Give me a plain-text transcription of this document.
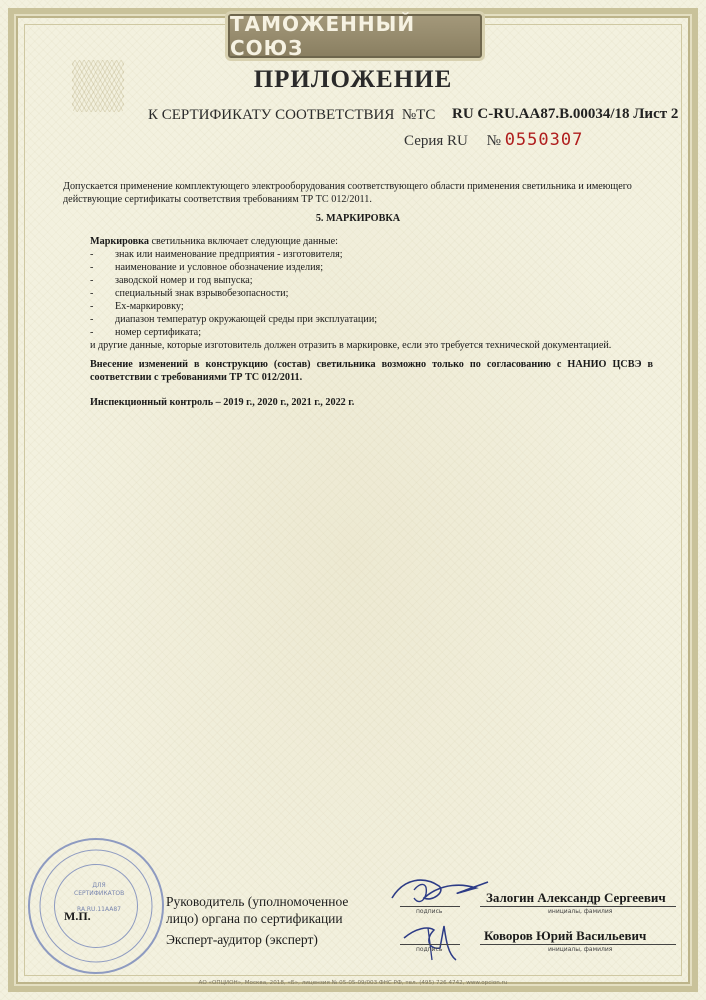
ТАМОЖЕННЫЙ СОЮЗ
ПРИЛОЖЕНИЕ
К СЕРТИФИКАТУ СООТВЕТСТВИЯ №ТС RU C-RU.AA87.B.00034/18 Лист 2
Серия RU № 0550307

Допускается применение комплектующего электрооборудования соответствующего области применения светильника и имеющего действующие сертификаты соответствия требованиям ТР ТС 012/2011.

5. МАРКИРОВКА

Маркировка светильника включает следующие данные:

-	знак или наименование предприятия - изготовителя;
-	наименование и условное обозначение изделия;
-	заводской номер и год выпуска;
-	специальный знак взрывобезопасности;
-	Ex-маркировку;
-	диапазон температур окружающей среды при эксплуатации;
-	номер сертификата;

и другие данные, которые изготовитель должен отразить в маркировке, если это требуется технической документацией.

Внесение изменений в конструкцию (состав) светильника возможно только по согласованию с НАНИО ЦСВЭ в соответствии с требованиями ТР ТС 012/2011.

Инспекционный контроль – 2019 г., 2020 г., 2021 г., 2022 г.

ДЛЯ СЕРТИФИКАТОВ

RA.RU.11AA87
М.П.
Руководитель (уполномоченное
лицо) органа по сертификации
Эксперт-аудитор (эксперт)
подпись
Залогин Александр Сергеевич
инициалы, фамилия
подпись
Коворов Юрий Васильевич
инициалы, фамилия
АО «ОПЦИОН», Москва, 2018, «Б», лицензия № 05-05-09/003 ФНС РФ, тел. (495) 726 4742, www.opcion.ru
